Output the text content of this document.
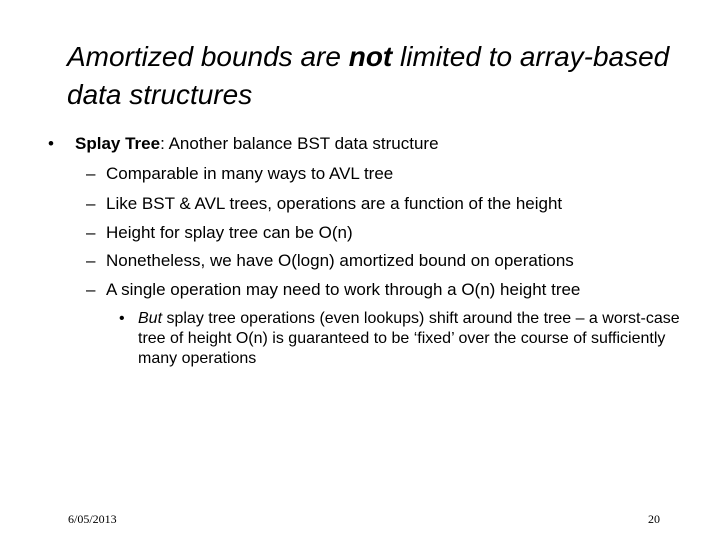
Amortized bounds are not limited to array-based data structures
• Splay Tree: Another balance BST data structure
– Comparable in many ways to AVL tree
– Like BST & AVL trees, operations are a function of the height
– Height for splay tree can be O(n)
– Nonetheless, we have O(logn) amortized bound on operations
– A single operation may need to work through a O(n) height tree
• But splay tree operations (even lookups) shift around the tree – a worst-case tree of height O(n) is guaranteed to be ‘fixed’ over the course of sufficiently many operations
6/05/2013	20
